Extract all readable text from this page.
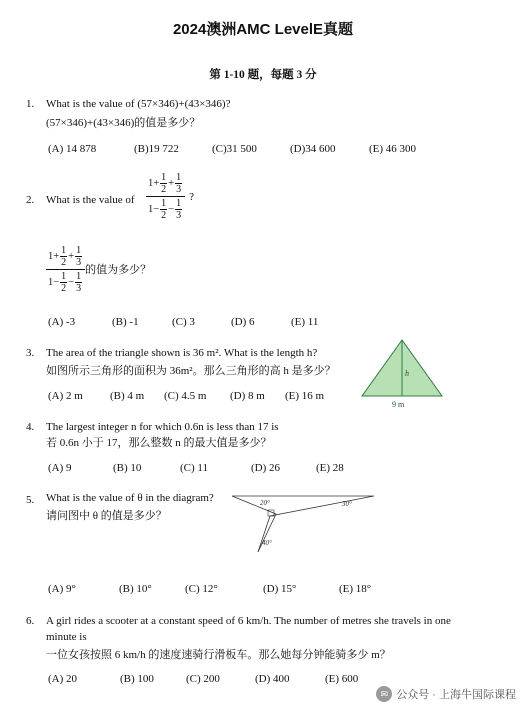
2024澳洲AMC LevelE真题
第 1-10 题，每题 3 分
1. What is the value of (57×346)+(43×346)?
(57×346)+(43×346)的值是多少？
(A) 14 878	(B)19 722	(C)31 500	(D)34 600	(E) 46 300
2. What is the value of $\frac{1 + \frac{1}{2} + \frac{1}{3}}{1 - \frac{1}{2} - \frac{1}{3}}$ ?
$1 + \frac{1}{2} + \frac{1}{3}$
$1 - \frac{1}{2} - \frac{1}{3}$
的值为多少？
(A) -3	(B) -1	(C) 3	(D) 6	(E) 11
3. The area of the triangle shown is 36 m². What is the length h?
如图所示三角形的面积为 36m²。那么三角形的高 h 是多少？	h
9 m
(A) 2 m (B) 4 m (C) 4.5 m (D) 8 m (E) 16 m
4. The largest integer n for which 0.6n is less than 17 is
若 0.6n 小于 17，那么整数 n 的最大值是多少？
(A) 9	(B) 10	(C) 11	(D) 26	(E) 28
5. What is the value of θ in the diagram?
请问图中 θ 的值是多少？
20°	30°
40°
(A) 9°	(B) 10°	(C) 12°	(D) 15°	(E) 18°
6. A girl rides a scooter at a constant speed of 6 km/h. The number of metres she travels in one
minute is
一位女孩按照 6 km/h 的速度速骑行滑板车。那么她每分钟能骑多少 m？
(A) 20	(B) 100	(C) 200	(D) 400	(E) 600
✉ 公众号 · 上海牛国际课程
